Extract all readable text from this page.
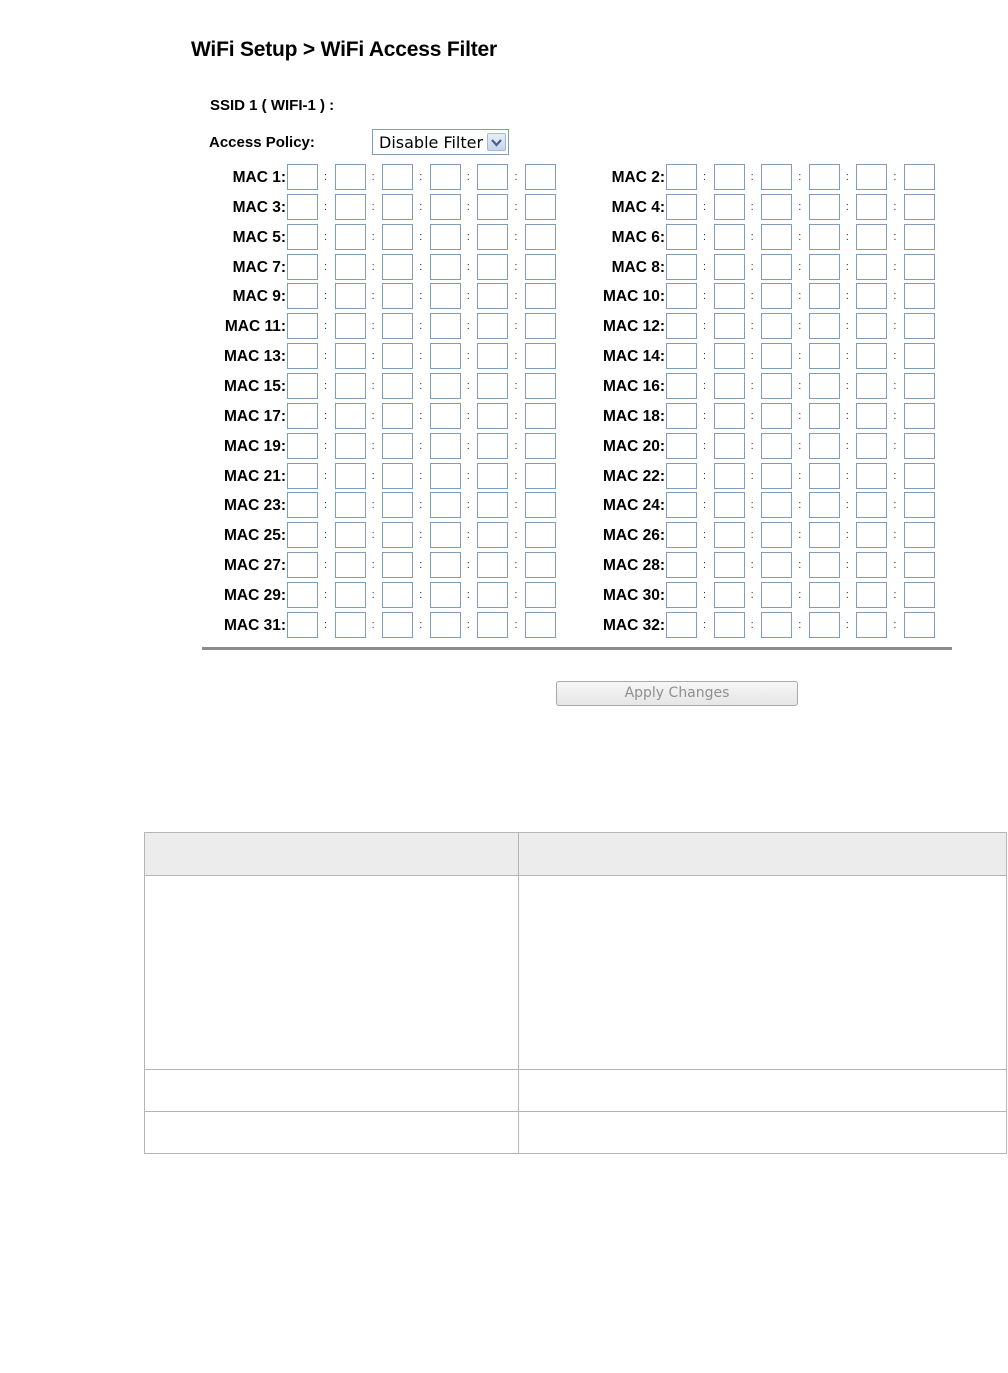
WiFi Setup > WiFi Access Filter
SSID 1 ( WIFI-1 ) :
Access Policy:	Disable Filter
MAC 1:	:	:	:	:	:	MAC 2:	:	:	:	:	:
MAC 3:	:	:	:	:	:	MAC 4:	:	:	:	:	:
MAC 5:	:	:	:	:	:	MAC 6:	:	:	:	:	:
MAC 7:	:	:	:	:	:	MAC 8:	:	:	:	:	:
MAC 9:	:	:	:	:	:	MAC 10:	:	:	:	:	:
MAC 11:	:	:	:	:	:	MAC 12:	:	:	:	:	:
MAC 13:	:	:	:	:	:	MAC 14:	:	:	:	:	:
MAC 15:	:	:	:	:	:	MAC 16:	:	:	:	:	:
MAC 17:	:	:	:	:	:	MAC 18:	:	:	:	:	:
MAC 19:	:	:	:	:	:	MAC 20:	:	:	:	:	:
MAC 21:	:	:	:	:	:	MAC 22:	:	:	:	:	:
MAC 23:	:	:	:	:	:	MAC 24:	:	:	:	:	:
MAC 25:	:	:	:	:	:	MAC 26:	:	:	:	:	:
MAC 27:	:	:	:	:	:	MAC 28:	:	:	:	:	:
MAC 29:	:	:	:	:	:	MAC 30:	:	:	:	:	:
MAC 31:	:	:	:	:	:	MAC 32:	:	:	:	:	:
Apply Changes
